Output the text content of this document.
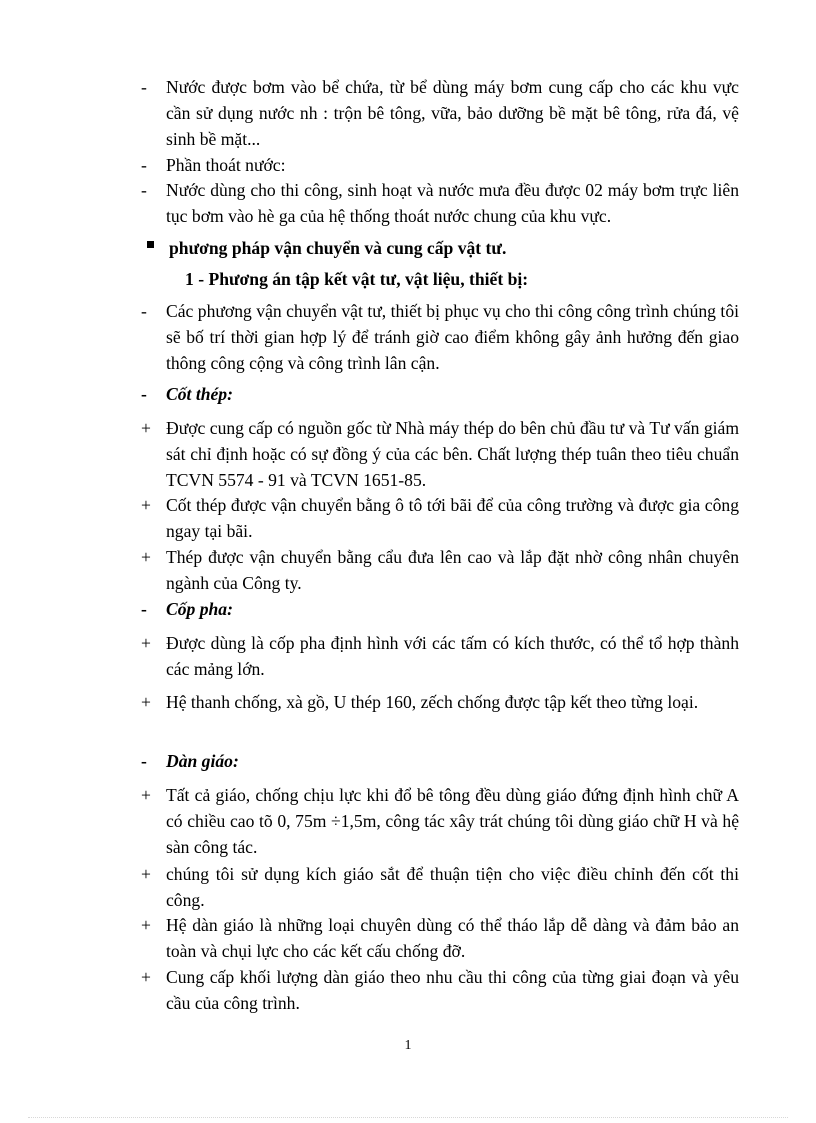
-	Nước được bơm vào bể chứa, từ bể dùng máy bơm cung cấp cho các khu vực cần sử dụng nước nh : trộn bê tông, vữa, bảo dưỡng bề mặt bê tông, rửa đá, vệ sinh bề mặt...
-	Phần thoát nước:
-	Nước dùng cho thi công, sinh hoạt và nước mưa đều được 02 máy bơm trực liên tục bơm vào hè ga của hệ thống thoát nước chung của khu vực.
phương pháp vận chuyển và cung cấp vật tư.
1 - Phương án tập kết vật tư, vật liệu, thiết bị:
-	Các phương vận chuyển vật tư, thiết bị phục vụ cho thi công công trình chúng tôi sẽ bố trí thời gian hợp lý để tránh giờ cao điểm không gây ảnh hưởng đến giao thông công cộng và công trình lân cận.
-	Cốt thép:
+ Được cung cấp có nguồn gốc từ Nhà máy thép do bên chủ đầu tư và Tư vấn giám sát chỉ định hoặc có sự đồng ý của các bên. Chất lượng thép tuân theo tiêu chuẩn TCVN 5574 - 91 và TCVN 1651-85.
+ Cốt thép được vận chuyển bằng ô tô tới bãi để của công trường và được gia công ngay tại bãi.
+ Thép được vận chuyển bằng cẩu đưa lên cao và lắp đặt nhờ công nhân chuyên ngành của Công ty.
-	Cốp pha:
+ Được dùng là cốp pha định hình với các tấm có kích thước, có thể tổ hợp thành các mảng lớn.
+ Hệ thanh chống, xà gồ, U thép 160, zếch chống được tập kết theo từng loại.
-	Dàn giáo:
+ Tất cả giáo, chống chịu lực khi đổ bê tông đều dùng giáo đứng định hình chữ A có chiều cao tõ 0, 75m ÷1,5m, công tác xây trát chúng tôi dùng giáo chữ H và hệ sàn công tác.
+ chúng tôi sử dụng kích giáo sắt để thuận tiện cho việc điều chỉnh đến cốt thi công.
+ Hệ dàn giáo là những loại chuyên dùng có thể tháo lắp dễ dàng và đảm bảo an toàn và chụi lực cho các kết cấu chống đỡ.
+ Cung cấp khối lượng dàn giáo theo nhu cầu thi công của từng giai đoạn và yêu cầu của công trình.
1
